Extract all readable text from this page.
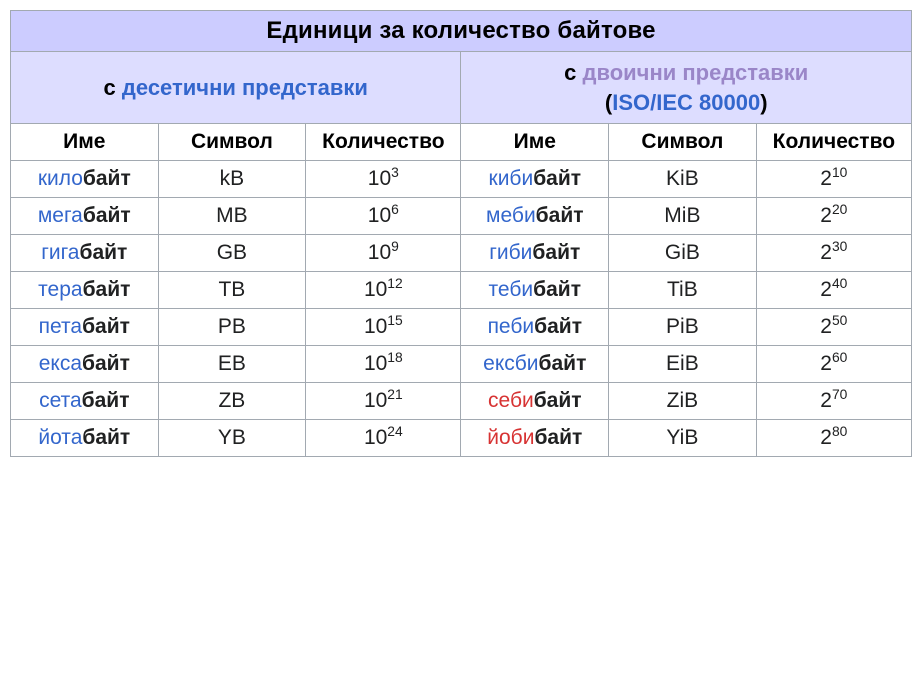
Единици за количество байтове					
с десетични представки			с двоични представки
(ISO/IEC 80000)		
Име	Символ	Количество	Име	Символ	Количество
килобайт	kB	$10^3$	кибибайт	KiB	$2^{10}$
мегабайт	MB	$10^6$	мебибайт	MiB	$2^{20}$
гигабайт	GB	$10^9$	гибибайт	GiB	$2^{30}$
терабайт	TB	$10^{12}$	тебибайт	TiB	$2^{40}$
петабайт	PB	$10^{15}$	пебибайт	PiB	$2^{50}$
ексабайт	EB	$10^{18}$	ексбибайт	EiB	$2^{60}$
сетабайт	ZB	$10^{21}$	себибайт	ZiB	$2^{70}$
йотабайт	YB	$10^{24}$	йобибайт	YiB	$2^{80}$
